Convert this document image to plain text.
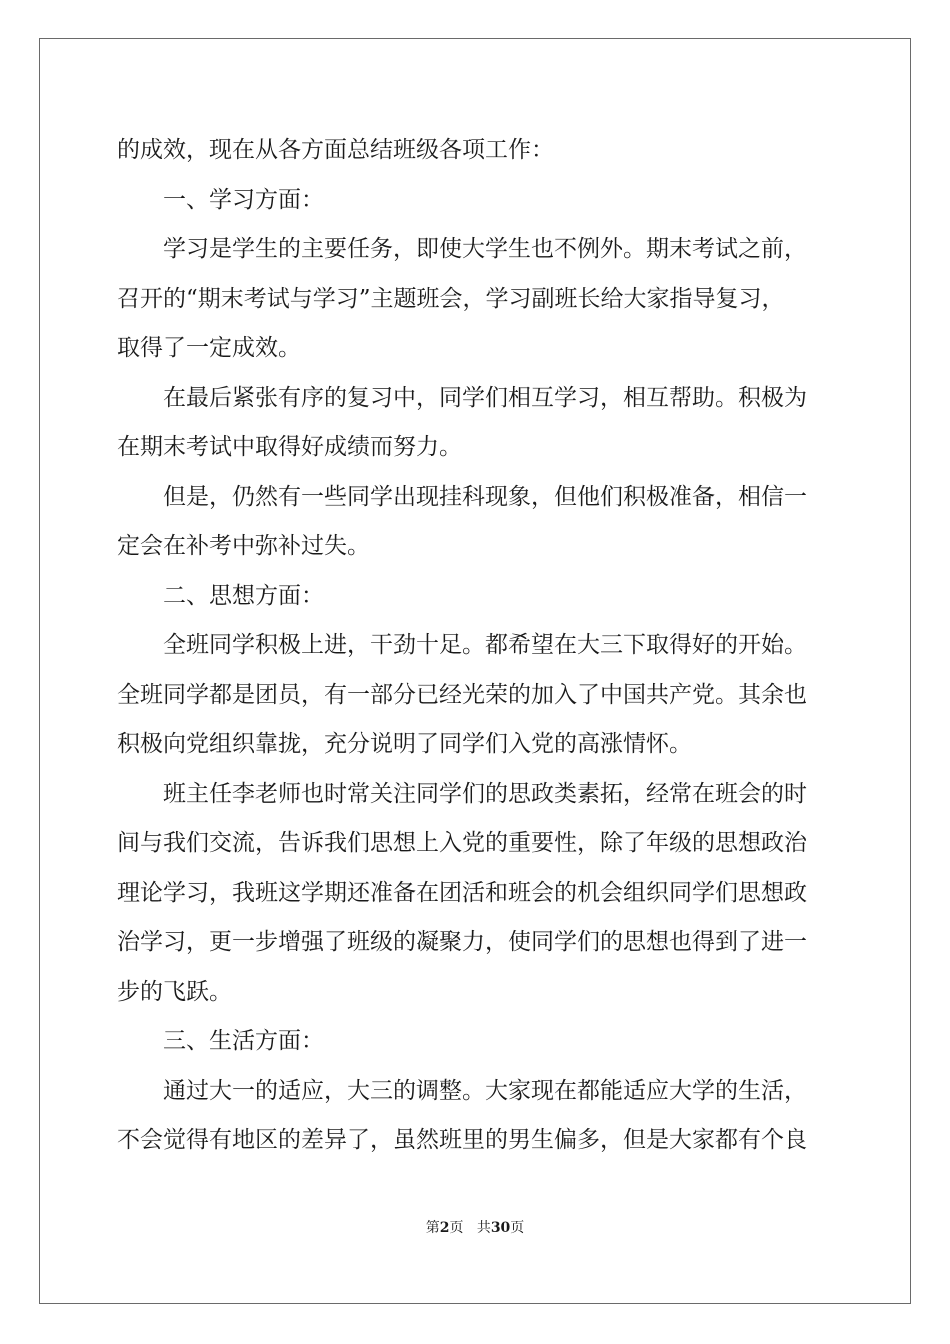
的成效，现在从各方面总结班级各项工作：
　　一、学习方面：
　　学习是学生的主要任务，即使大学生也不例外。期末考试之前，
召开的“期末考试与学习”主题班会，学习副班长给大家指导复习，
取得了一定成效。
　　在最后紧张有序的复习中，同学们相互学习，相互帮助。积极为
在期末考试中取得好成绩而努力。
　　但是，仍然有一些同学出现挂科现象，但他们积极准备，相信一
定会在补考中弥补过失。
　　二、思想方面：
　　全班同学积极上进，干劲十足。都希望在大三下取得好的开始。
全班同学都是团员，有一部分已经光荣的加入了中国共产党。其余也
积极向党组织靠拢，充分说明了同学们入党的高涨情怀。
　　班主任李老师也时常关注同学们的思政类素拓，经常在班会的时
间与我们交流，告诉我们思想上入党的重要性，除了年级的思想政治
理论学习，我班这学期还准备在团活和班会的机会组织同学们思想政
治学习，更一步增强了班级的凝聚力，使同学们的思想也得到了进一
步的飞跃。
　　三、生活方面：
　　通过大一的适应，大三的调整。大家现在都能适应大学的生活，
不会觉得有地区的差异了，虽然班里的男生偏多，但是大家都有个良
第2页 共30页
